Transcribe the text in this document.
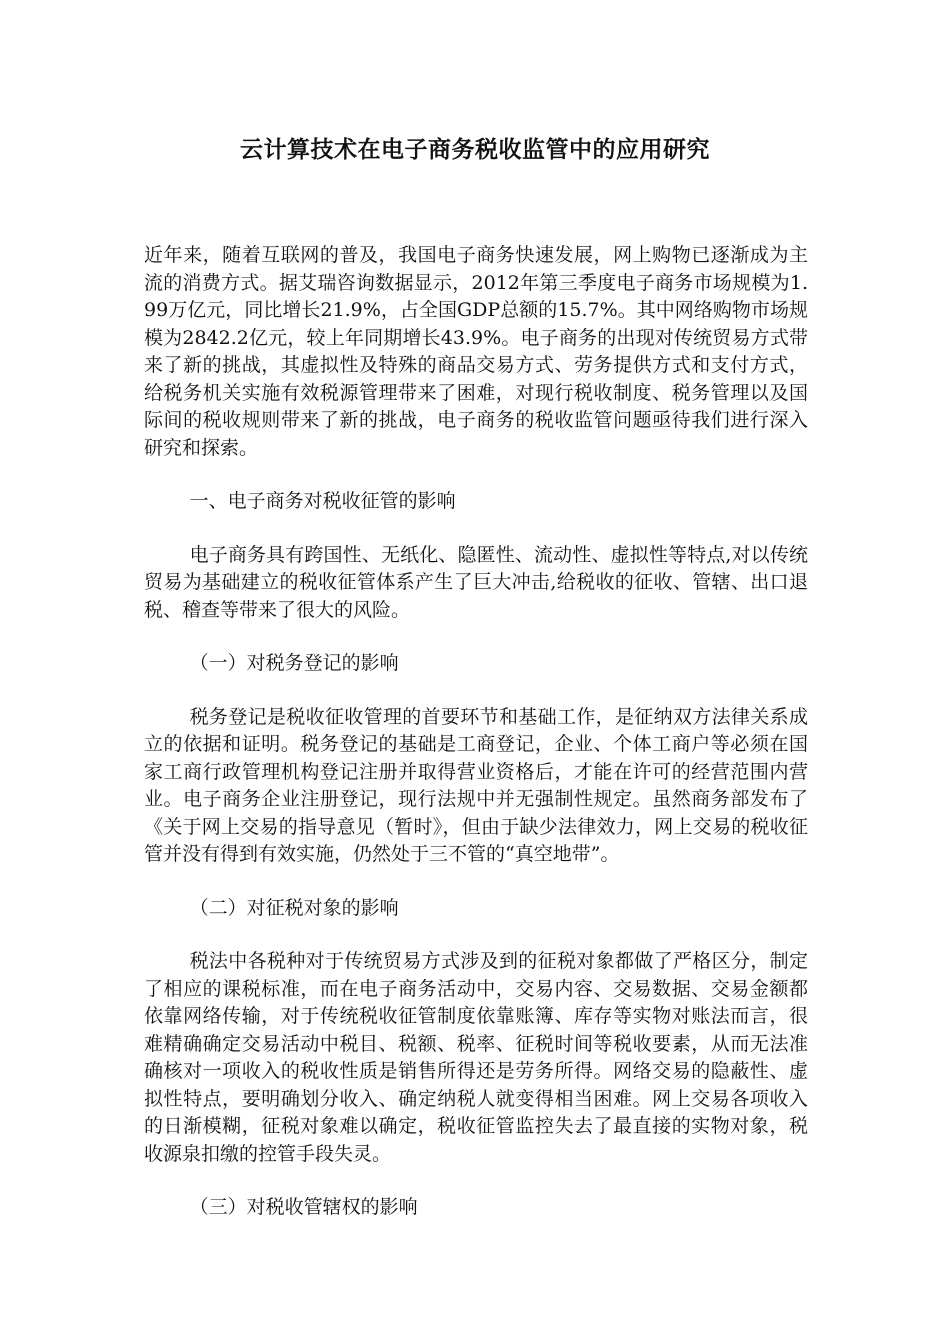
云计算技术在电子商务税收监管中的应用研究

近年来，随着互联网的普及，我国电子商务快速发展，网上购物已逐渐成为主流的消费方式。据艾瑞咨询数据显示，2012年第三季度电子商务市场规模为1.99万亿元，同比增长21.9%，占全国GDP总额的15.7%。其中网络购物市场规模为2842.2亿元，较上年同期增长43.9%。电子商务的出现对传统贸易方式带来了新的挑战，其虚拟性及特殊的商品交易方式、劳务提供方式和支付方式，给税务机关实施有效税源管理带来了困难，对现行税收制度、税务管理以及国际间的税收规则带来了新的挑战，电子商务的税收监管问题亟待我们进行深入研究和探索。

一、电子商务对税收征管的影响

电子商务具有跨国性、无纸化、隐匿性、流动性、虚拟性等特点,对以传统贸易为基础建立的税收征管体系产生了巨大冲击,给税收的征收、管辖、出口退税、稽查等带来了很大的风险。

（一）对税务登记的影响

税务登记是税收征收管理的首要环节和基础工作，是征纳双方法律关系成立的依据和证明。税务登记的基础是工商登记，企业、个体工商户等必须在国家工商行政管理机构登记注册并取得营业资格后，才能在许可的经营范围内营业。电子商务企业注册登记，现行法规中并无强制性规定。虽然商务部发布了《关于网上交易的指导意见（暂时》，但由于缺少法律效力，网上交易的税收征管并没有得到有效实施，仍然处于三不管的“真空地带”。

（二）对征税对象的影响

税法中各税种对于传统贸易方式涉及到的征税对象都做了严格区分，制定了相应的课税标准，而在电子商务活动中，交易内容、交易数据、交易金额都依靠网络传输，对于传统税收征管制度依靠账簿、库存等实物对账法而言，很难精确确定交易活动中税目、税额、税率、征税时间等税收要素，从而无法准确核对一项收入的税收性质是销售所得还是劳务所得。网络交易的隐蔽性、虚拟性特点，要明确划分收入、确定纳税人就变得相当困难。网上交易各项收入的日渐模糊，征税对象难以确定，税收征管监控失去了最直接的实物对象，税收源泉扣缴的控管手段失灵。

（三）对税收管辖权的影响
